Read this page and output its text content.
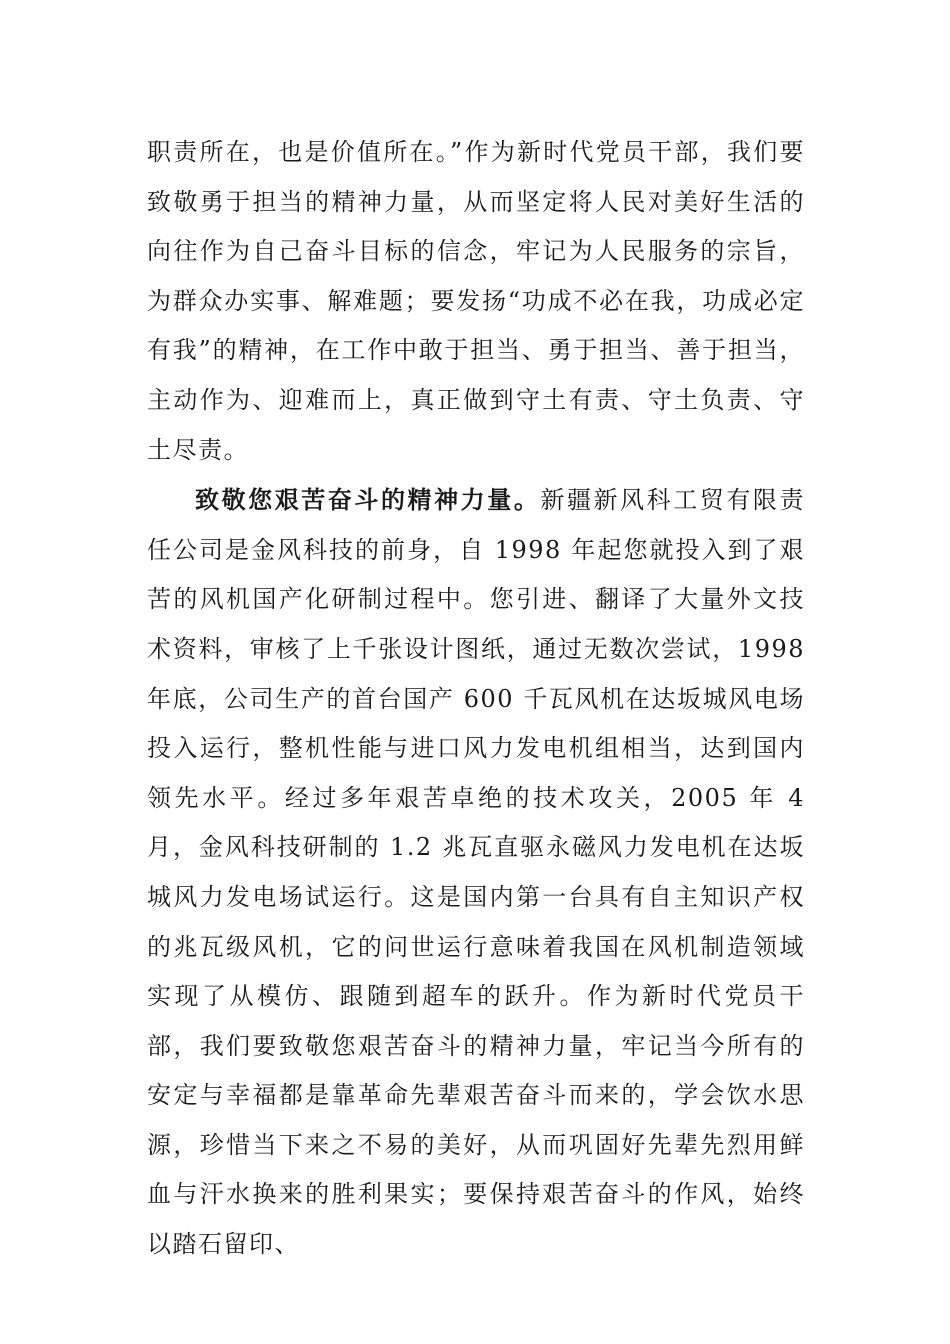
职责所在，也是价值所在。”作为新时代党员干部，我们要致敬勇于担当的精神力量，从而坚定将人民对美好生活的向往作为自己奋斗目标的信念，牢记为人民服务的宗旨，为群众办实事、解难题；要发扬“功成不必在我，功成必定有我”的精神，在工作中敢于担当、勇于担当、善于担当，主动作为、迎难而上，真正做到守土有责、守土负责、守土尽责。

致敬您艰苦奋斗的精神力量。新疆新风科工贸有限责任公司是金风科技的前身，自 1998 年起您就投入到了艰苦的风机国产化研制过程中。您引进、翻译了大量外文技术资料，审核了上千张设计图纸，通过无数次尝试，1998 年底，公司生产的首台国产 600 千瓦风机在达坂城风电场投入运行，整机性能与进口风力发电机组相当，达到国内领先水平。经过多年艰苦卓绝的技术攻关，2005 年 4 月，金风科技研制的 1.2 兆瓦直驱永磁风力发电机在达坂城风力发电场试运行。这是国内第一台具有自主知识产权的兆瓦级风机，它的问世运行意味着我国在风机制造领域实现了从模仿、跟随到超车的跃升。作为新时代党员干部，我们要致敬您艰苦奋斗的精神力量，牢记当今所有的安定与幸福都是靠革命先辈艰苦奋斗而来的，学会饮水思源，珍惜当下来之不易的美好，从而巩固好先辈先烈用鲜血与汗水换来的胜利果实；要保持艰苦奋斗的作风，始终以踏石留印、
